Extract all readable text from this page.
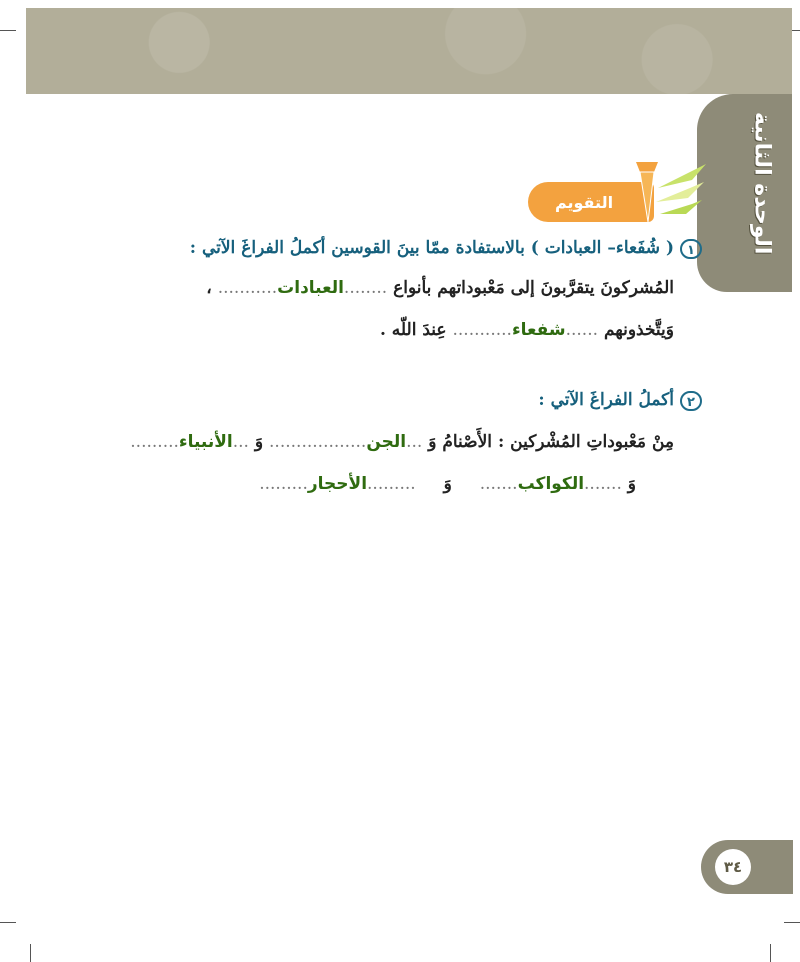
الوحدة الثانية
التقويم
١( شُفَعاء– العبادات ) بالاستفادة ممّا بينَ القوسين أكملُ الفراغَ الآتي :
المُشركونَ يتقرَّبونَ إلى مَعْبوداتهم بأنواع ........العبادات........... ،
وَيتَّخذونهم ......شفعاء........... عِندَ اللّه .
٢أكملُ الفراغَ الآتي :
مِنْ مَعْبوداتِ المُشْركين : الأَصْنامُ وَ ...الجن.................. وَ ...الأنبياء.........
وَ .......الكواكب....... وَ .........الأحجار.........
٣٤
